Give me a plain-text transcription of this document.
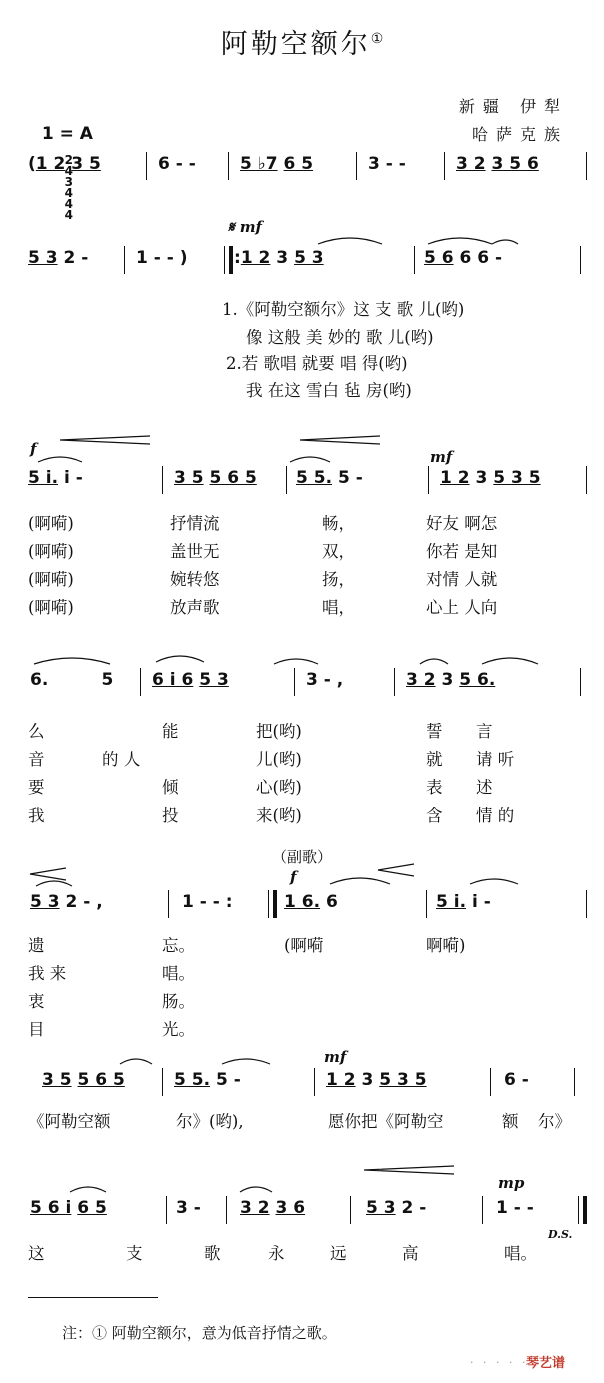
阿勒空额尔①

1 = A

2
4
3
4
4
4

新疆 伊犁
哈萨克族
(1 2 3 5	6 - -	5 ♭7 6 5	3 - -	3 2 3 5 6
5 3 2 -	1 - - )	:1 2 3 5 3	5 6 6 6 -
𝄋 mf
1.《阿勒空额尔》这 支 歌 儿(哟)
像 这般 美 妙的 歌 儿(哟)
2.若 歌唱 就要 唱 得(哟)
我 在这 雪白 毡 房(哟)
f
5 i. i -	3 5 5 6 5 5 5. 5 -
mf
1 2 3 5 3 5
(啊嗬)	抒情流	畅，	好友 啊怎
(啊嗬)	盖世无	双，	你若 是知
(啊嗬)	婉转悠	扬，	对情 人就
(啊嗬)	放声歌	唱，	心上 人向
6.         5 6 i 6 5 3	3 - ,	3 2 3 5 6.
么	能	把(哟)	誓 言
音	的 人	儿(哟)	就 请 听
要	倾	心(哟)	表 述
我	投	来(哟)	含 情 的
（副歌）
5 3 2 - ,	1 - - :
f
1 6. 6	5 i. i -
遗	忘。	(啊嗬	啊嗬)
我 来	唱。
衷	肠。
目	光。
3 5 5 6 5	5 5. 5 -
mf
1 2 3 5 3 5	6 -
《阿勒空额	尔》(哟),	愿你把《阿勒空	额 尔》
5 6 i 6 5	3 - 3 2 3 6	5 3 2 -
mp
1 - -
D.S.
这	支	歌	永	远	高	唱。
注：① 阿勒空额尔，意为低音抒情之歌。
· · · · ·
琴艺谱
